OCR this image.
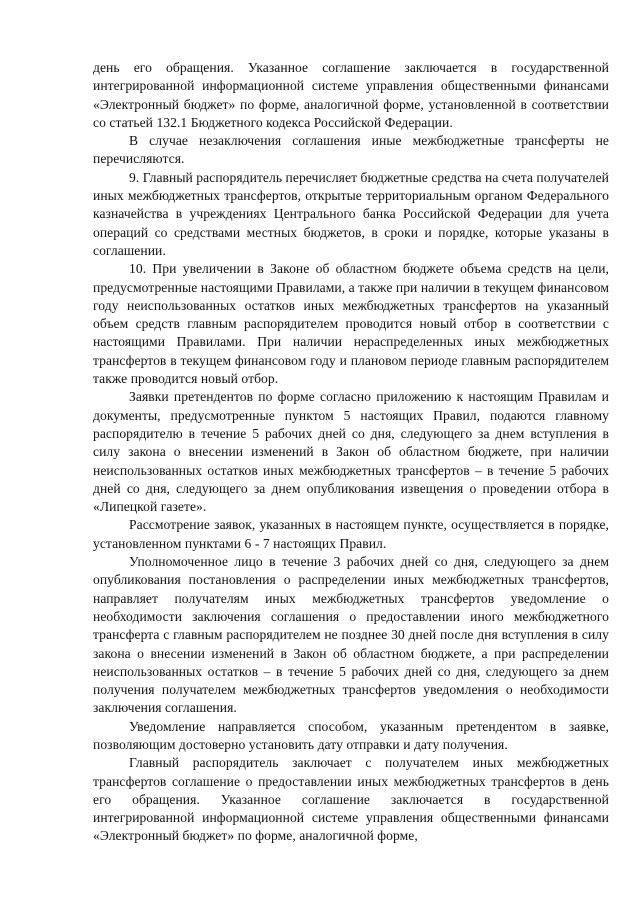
день его обращения. Указанное соглашение заключается в государственной интегрированной информационной системе управления общественными финансами «Электронный бюджет» по форме, аналогичной форме, установленной в соответствии со статьей 132.1 Бюджетного кодекса Российской Федерации.

В случае незаключения соглашения иные межбюджетные трансферты не перечисляются.

9. Главный распорядитель перечисляет бюджетные средства на счета получателей иных межбюджетных трансфертов, открытые территориальным органом Федерального казначейства в учреждениях Центрального банка Российской Федерации для учета операций со средствами местных бюджетов, в сроки и порядке, которые указаны в соглашении.

10. При увеличении в Законе об областном бюджете объема средств на цели, предусмотренные настоящими Правилами, а также при наличии в текущем финансовом году неиспользованных остатков иных межбюджетных трансфертов на указанный объем средств главным распорядителем проводится новый отбор в соответствии с настоящими Правилами. При наличии нераспределенных иных межбюджетных трансфертов в текущем финансовом году и плановом периоде главным распорядителем также проводится новый отбор.

Заявки претендентов по форме согласно приложению к настоящим Правилам и документы, предусмотренные пунктом 5 настоящих Правил, подаются главному распорядителю в течение 5 рабочих дней со дня, следующего за днем вступления в силу закона о внесении изменений в Закон об областном бюджете, при наличии неиспользованных остатков иных межбюджетных трансфертов – в течение 5 рабочих дней со дня, следующего за днем опубликования извещения о проведении отбора в «Липецкой газете».

Рассмотрение заявок, указанных в настоящем пункте, осуществляется в порядке, установленном пунктами 6 - 7 настоящих Правил.

Уполномоченное лицо в течение 3 рабочих дней со дня, следующего за днем опубликования постановления о распределении иных межбюджетных трансфертов, направляет получателям иных межбюджетных трансфертов уведомление о необходимости заключения соглашения о предоставлении иного межбюджетного трансферта с главным распорядителем не позднее 30 дней после дня вступления в силу закона о внесении изменений в Закон об областном бюджете, а при распределении неиспользованных остатков – в течение 5 рабочих дней со дня, следующего за днем получения получателем межбюджетных трансфертов уведомления о необходимости заключения соглашения.

Уведомление направляется способом, указанным претендентом в заявке, позволяющим достоверно установить дату отправки и дату получения.

Главный распорядитель заключает с получателем иных межбюджетных трансфертов соглашение о предоставлении иных межбюджетных трансфертов в день его обращения. Указанное соглашение заключается в государственной интегрированной информационной системе управления общественными финансами «Электронный бюджет» по форме, аналогичной форме,
